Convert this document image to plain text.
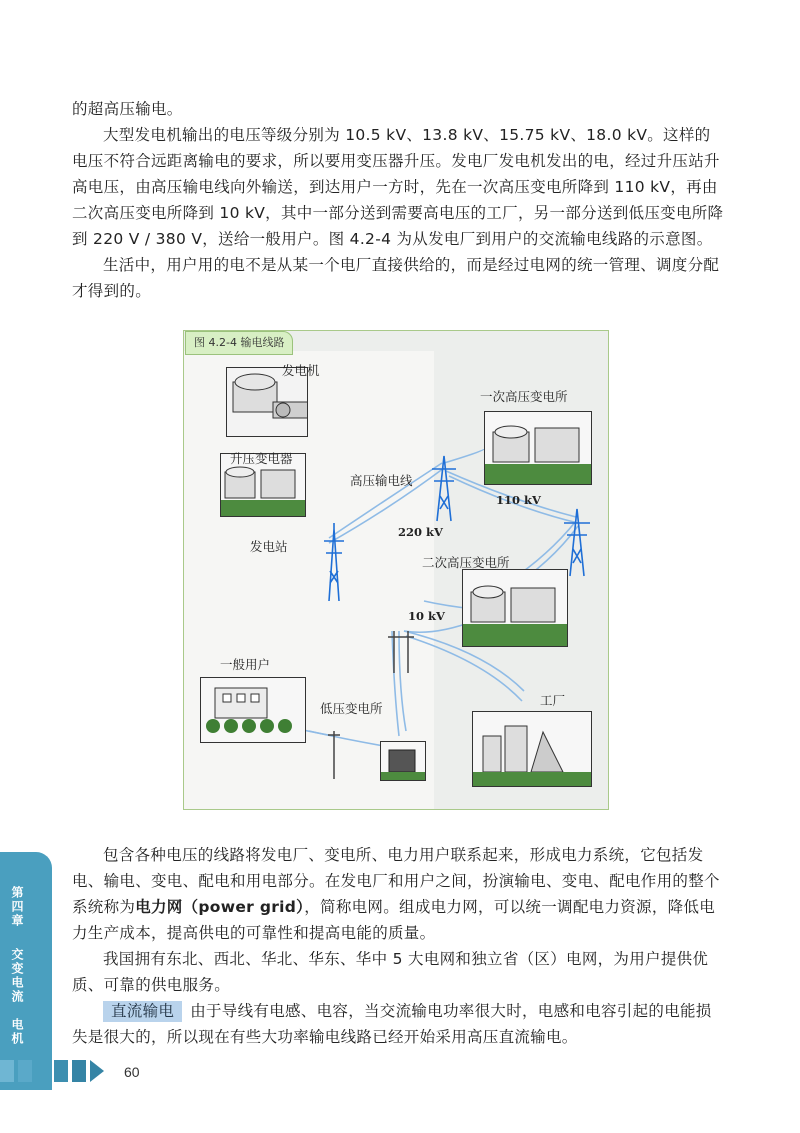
的超高压输电。

大型发电机输出的电压等级分别为 10.5 kV、13.8 kV、15.75 kV、18.0 kV。这样的电压不符合远距离输电的要求，所以要用变压器升压。发电厂发电机发出的电，经过升压站升高电压，由高压输电线向外输送，到达用户一方时，先在一次高压变电所降到 110 kV，再由二次高压变电所降到 10 kV，其中一部分送到需要高电压的工厂，另一部分送到低压变电所降到 220 V / 380 V，送给一般用户。图 4.2-4 为从发电厂到用户的交流输电线路的示意图。

生活中，用户用的电不是从某一个电厂直接供给的，而是经过电网的统一管理、调度分配才得到的。

发电机
升压变电器
发电站
高压输电线
一次高压变电所
二次高压变电所
低压变电所
一般用户
工厂
220 kV
110 kV
10 kV
图 4.2-4 输电线路

包含各种电压的线路将发电厂、变电所、电力用户联系起来，形成电力系统，它包括发电、输电、变电、配电和用电部分。在发电厂和用户之间，扮演输电、变电、配电作用的整个系统称为电力网（power grid），简称电网。组成电力网，可以统一调配电力资源，降低电力生产成本，提高供电的可靠性和提高电能的质量。

我国拥有东北、西北、华北、华东、华中 5 大电网和独立省（区）电网，为用户提供优质、可靠的供电服务。

直流输电 由于导线有电感、电容，当交流输电功率很大时，电感和电容引起的电能损失是很大的，所以现在有些大功率输电线路已经开始采用高压直流输电。

第四章
交变电流　电机
60
